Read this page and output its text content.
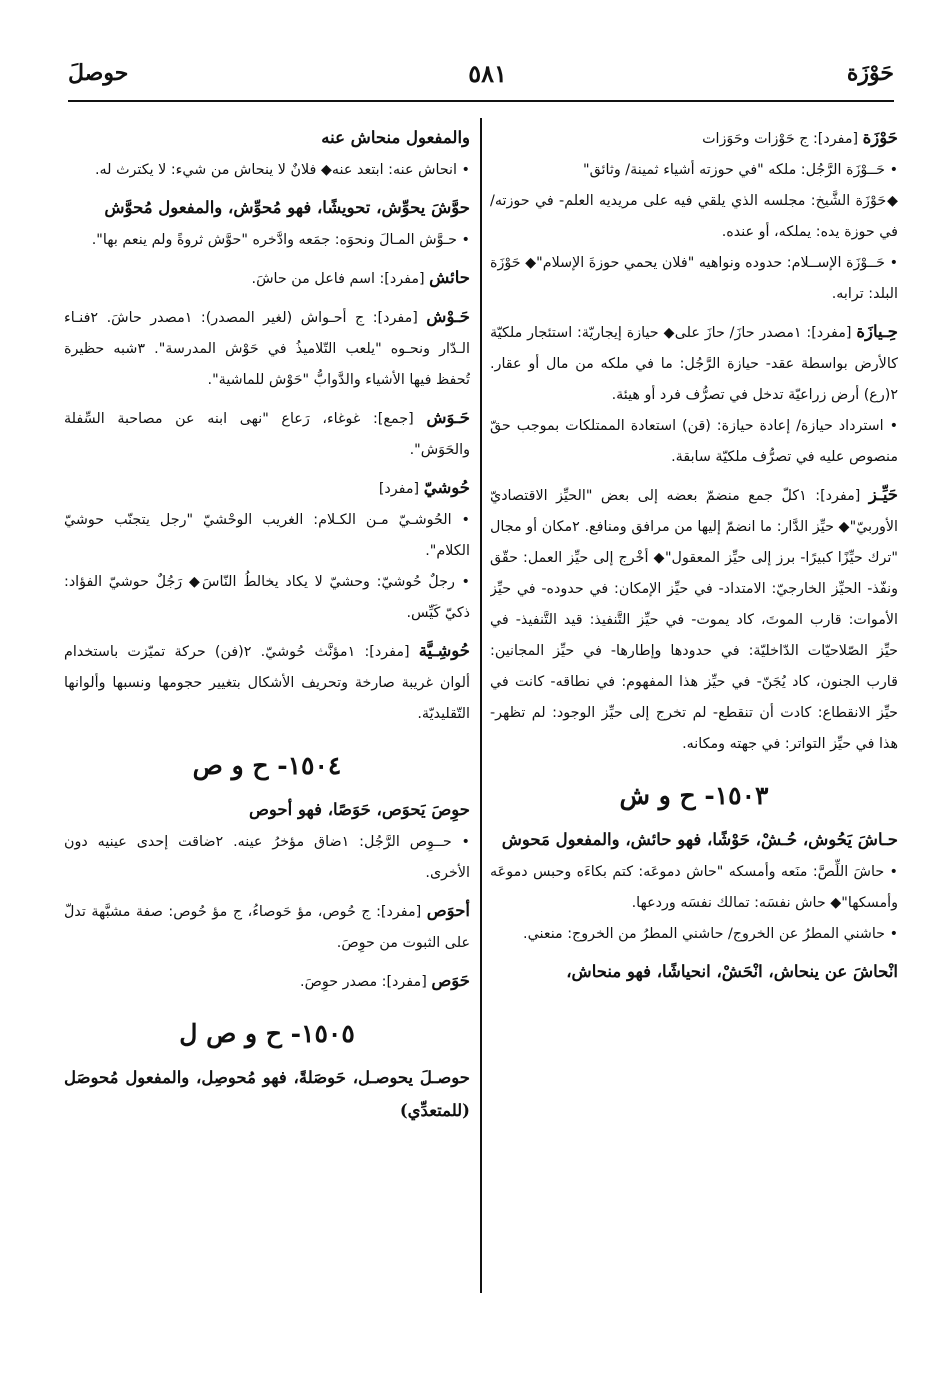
حَوْزَة
٥٨١
حوصلَ

حَوْزَة [مفرد]: ج حَوْزات وحَوَزات

• حَــوْزَة الرَّجُل: ملكه "في حوزته أشياء ثمينة/ وثائق"

◆حَوْزَة الشَّيخ: مجلسه الذي يلقي فيه على مريديه العلم- في حوزته/ في حوزة يده: يملكه، أو عنده.

• حَــوْزَة الإســلام: حدوده ونواهيه "فلان يحمي حوزةَ الإسلام"◆ حَوْزَة البلد: ترابه.

حِـيازَة [مفرد]: ١مصدر حازَ/ حازَ على◆ حيازة إيجاريّة: استئجار ملكيّة كالأرض بواسطة عقد- حيازة الرَّجُل: ما في ملكه من مال أو عقار. ٢(رع) أرض زراعيّة تدخل في تصرُّف فرد أو هيئة.

• استرداد حيازة/ إعادة حيازة: (قن) استعادة الممتلكات بموجب حقّ منصوص عليه في تصرُّف ملكيّة سابقة.

حَيِّـز [مفرد]: ١كلّ جمع منضمّ بعضه إلى بعض "الحيِّز الاقتصاديّ الأوربيّ"◆ حيِّز الدَّار: ما انضمّ إليها من مرافق ومنافع. ٢مكان أو مجال "ترك حيِّزًا كبيرًا- برز إلى حيِّز المعقول"◆ أخْرج إلى حيِّز العمل: حقّق ونفّذ- الحيِّز الخارجيّ: الامتداد- في حيِّز الإمكان: في حدوده- في حيِّز الأموات: قارب الموتَ، كاد يموت- في حيِّز التَّنفيذ: قيد التَّنفيذ- في حيِّز الصّلاحيّات الدّاخليّة: في حدودها وإطارها- في حيِّز المجانين: قارب الجنون، كاد يُجَنّ- في حيِّز هذا المفهوم: في نطاقه- كانت في حيِّز الانقطاع: كادت أن تنقطع- لم تخرج إلى حيِّز الوجود: لم تظهر- هذا في حيِّز التواتر: في جهته ومكانه.

١٥٠٣- ح و ش

حـاشَ يَحُوش، حُـشْ، حَوْشًا، فهو حائش، والمفعول مَحوش

• حاشَ اللِّصَّ: منَعه وأمسكه "حاش دموعَه: كتم بكاءَه وحبس دموعَه وأمسكها"◆ حاش نفسَه: تمالك نفسَه وردعها.

• حاشني المطرُ عن الخروج/ حاشني المطرُ من الخروج: منعني.

انْحاشَ عن ينحاش، انْحَشْ، انحياشًا، فهو منحاش،

والمفعول منحاش عنه

• انحاش عنه: ابتعد عنه◆ فلانٌ لا ينحاش من شيء: لا يكترث له.

حوَّشَ يحوِّش، تحويشًا، فهو مُحوِّش، والمفعول مُحوَّش

• حـوَّش المـالَ ونحوَه: جمَعه وادَّخره "حوَّش ثروةً ولم ينعم بها".

حائش [مفرد]: اسم فاعل من حاشَ.

حَـوْش [مفرد]: ج أحـواش (لغير المصدر): ١مصدر حاشَ. ٢فنـاء الـدّار ونحـوه "يلعب التّلاميذُ في حَوْش المدرسة". ٣شبه حظيرة تُحفظ فيها الأشياء والدَّوابُّ "حَوْش للماشية".

حَـوَش [جمع]: غوغاء، رَعاع "نهى ابنه عن مصاحبة السِّفلة والحَوَش".

حُوشيّ [مفرد]

• الحُوشـيّ مـن الكـلام: الغريب الوحْشيّ "رجل يتجنّب حوشيّ الكلام".

• رجلٌ حُوشيّ: وحشيّ لا يكاد يخالطُ النّاسَ◆ رَجُلٌ حوشيّ الفؤاد: ذكيّ كَيِّس.

حُوشِـيَّة [مفرد]: ١مؤنَّث حُوشيّ. ٢(فن) حركة تميّزت باستخدام ألوان غريبة صارخة وتحريف الأشكال بتغيير حجومها ونسبها وألوانها التّقليديّة.

١٥٠٤- ح و ص

حوِصَ يَحوَص، حَوَصًا، فهو أحوص

• حــوِص الرَّجُل: ١ضاق مؤخرُ عينه. ٢ضاقت إحدى عينيه دون الأخرى.

أحوَص [مفرد]: ج حُوص، مؤ حَوصاءُ، ج مؤ حُوص: صفة مشبَّهة تدلّ على الثبوت من حوِصَ.

حَوَص [مفرد]: مصدر حوِصَ.

١٥٠٥- ح و ص ل

حوصـلَ يحوصـل، حَوصَلةً، فهو مُحوصِل، والمفعول مُحوصَل (للمتعدِّي)
